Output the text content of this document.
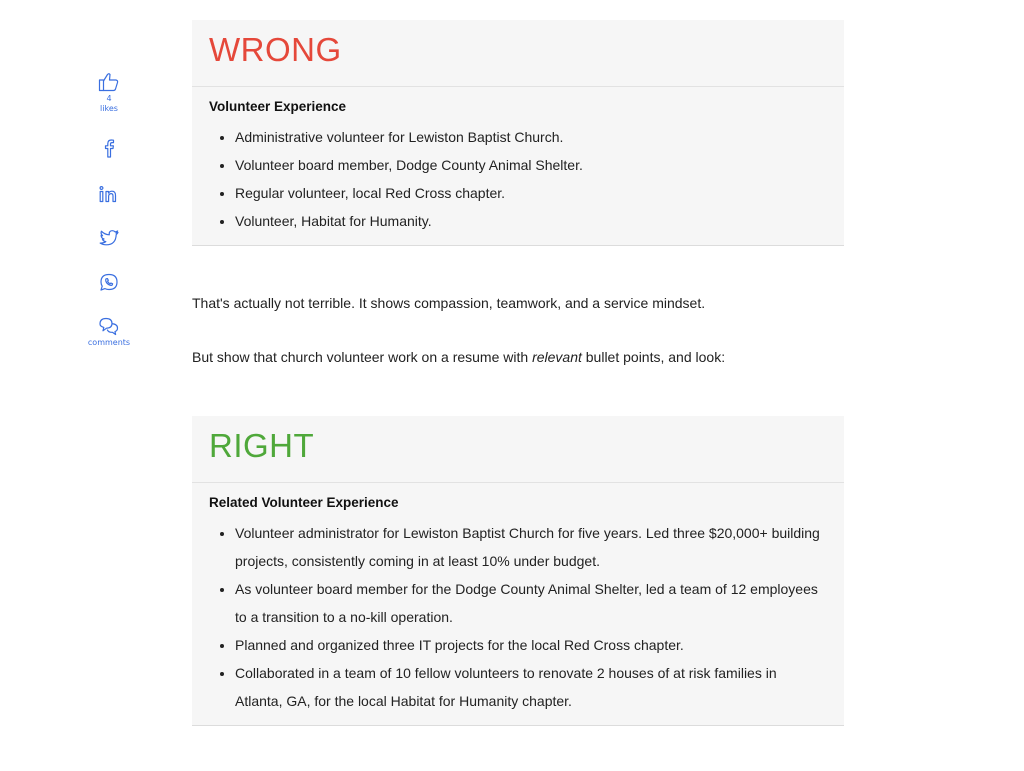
4
likes
comments
WRONG
Volunteer Experience
• Administrative volunteer for Lewiston Baptist Church.
• Volunteer board member, Dodge County Animal Shelter.
• Regular volunteer, local Red Cross chapter.
• Volunteer, Habitat for Humanity.

That's actually not terrible. It shows compassion, teamwork, and a service mindset.

But show that church volunteer work on a resume with relevant bullet points, and look:

RIGHT
Related Volunteer Experience
• Volunteer administrator for Lewiston Baptist Church for five years. Led three $20,000+ building projects, consistently coming in at least 10% under budget.
• As volunteer board member for the Dodge County Animal Shelter, led a team of 12 employees to a transition to a no-kill operation.
• Planned and organized three IT projects for the local Red Cross chapter.
• Collaborated in a team of 10 fellow volunteers to renovate 2 houses of at risk families in Atlanta, GA, for the local Habitat for Humanity chapter.
